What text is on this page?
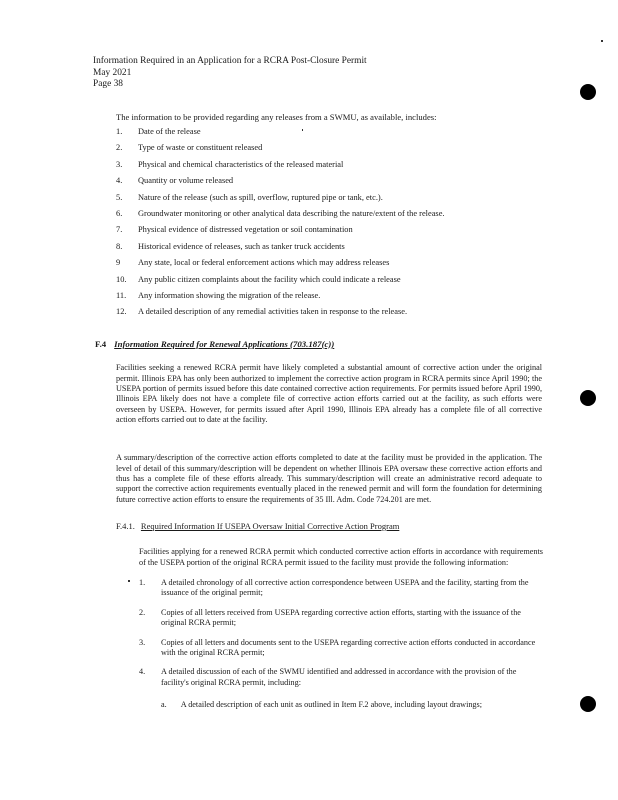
Information Required in an Application for a RCRA Post-Closure Permit
May 2021
Page 38
The information to be provided regarding any releases from a SWMU, as available, includes:
1.	Date of the release
2.	Type of waste or constituent released
3.	Physical and chemical characteristics of the released material
4.	Quantity or volume released
5.	Nature of the release (such as spill, overflow, ruptured pipe or tank, etc.).
6.	Groundwater monitoring or other analytical data describing the nature/extent of the release.
7.	Physical evidence of distressed vegetation or soil contamination
8.	Historical evidence of releases, such as tanker truck accidents
9	Any state, local or federal enforcement actions which may address releases
10.	Any public citizen complaints about the facility which could indicate a release
11.	Any information showing the migration of the release.
12.	A detailed description of any remedial activities taken in response to the release.
F.4 Information Required for Renewal Applications (703.187(c))

Facilities seeking a renewed RCRA permit have likely completed a substantial amount of corrective action under the original permit. Illinois EPA has only been authorized to implement the corrective action program in RCRA permits since April 1990; the USEPA portion of permits issued before this date contained corrective action requirements. For permits issued before April 1990, Illinois EPA likely does not have a complete file of corrective action efforts carried out at the facility, as such efforts were overseen by USEPA. However, for permits issued after April 1990, Illinois EPA already has a complete file of all corrective action efforts carried out to date at the facility.

A summary/description of the corrective action efforts completed to date at the facility must be provided in the application. The level of detail of this summary/description will be dependent on whether Illinois EPA oversaw these corrective action efforts and thus has a complete file of these efforts already. This summary/description will create an administrative record adequate to support the corrective action requirements eventually placed in the renewed permit and will form the foundation for determining future corrective action efforts to ensure the requirements of 35 Ill. Adm. Code 724.201 are met.

F.4.1. Required Information If USEPA Oversaw Initial Corrective Action Program

Facilities applying for a renewed RCRA permit which conducted corrective action efforts in accordance with requirements of the USEPA portion of the original RCRA permit issued to the facility must provide the following information:

1. A detailed chronology of all corrective action correspondence between USEPA and the facility, starting from the issuance of the original permit;
2. Copies of all letters received from USEPA regarding corrective action efforts, starting with the issuance of the original RCRA permit;
3. Copies of all letters and documents sent to the USEPA regarding corrective action efforts conducted in accordance with the original RCRA permit;
4. A detailed discussion of each of the SWMU identified and addressed in accordance with the provision of the facility's original RCRA permit, including:
a. A detailed description of each unit as outlined in Item F.2 above, including layout drawings;
